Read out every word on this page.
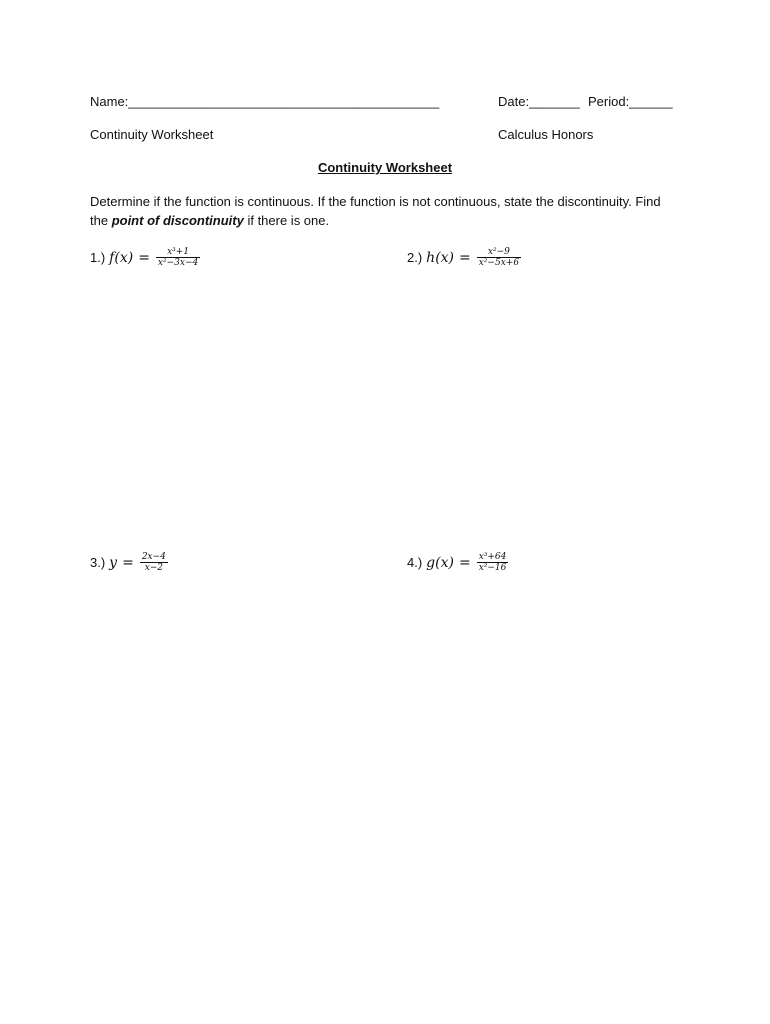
Name:___________________________________________	Date:_______ Period:______
Continuity Worksheet	Calculus Honors
Continuity Worksheet
Determine if the function is continuous. If the function is not continuous, state the discontinuity. Find the point of discontinuity if there is one.
1.) $f(x) = \frac{\text{x³+1}}{\text{x²−3x−4}}$	2.) $h(x) = \frac{\text{x²−9}}{\text{x²−5x+6}}$
3.) $y = \frac{2x-4}{x-2}$	4.) $g(x) = \frac{\text{x³+64}}{\text{x²−16}}$
